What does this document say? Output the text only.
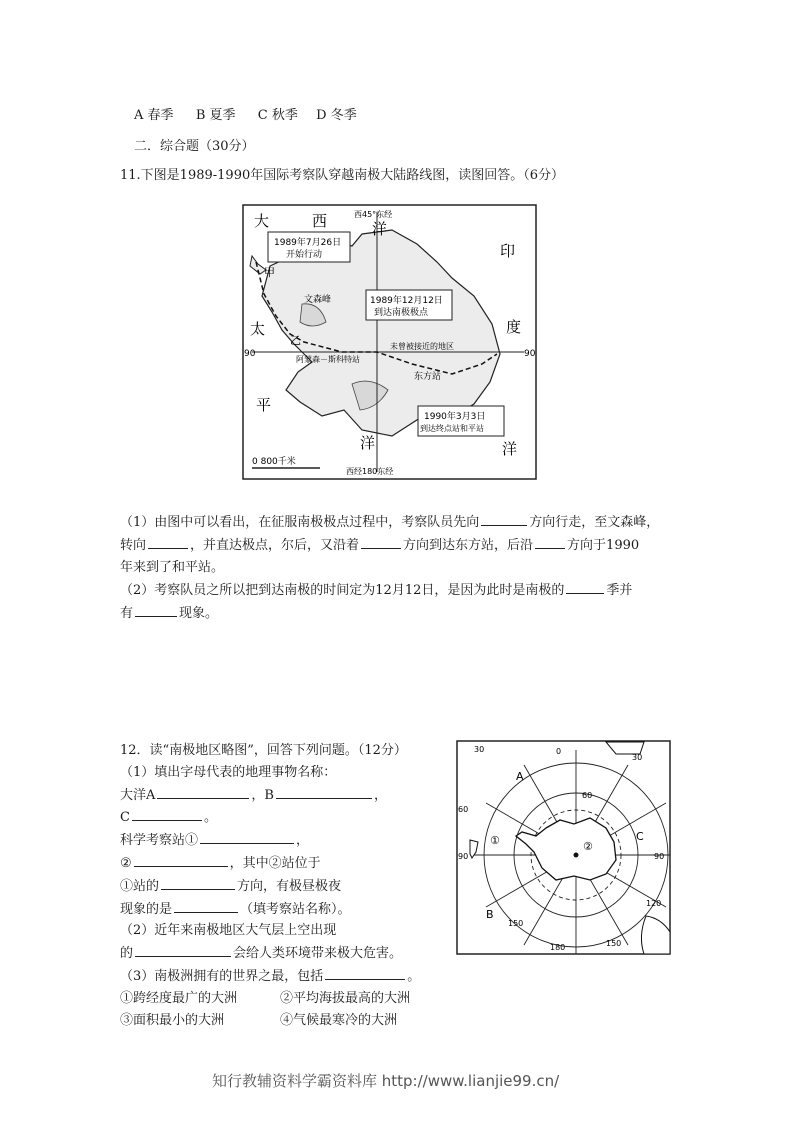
A 春季 B 夏季 C 秋季 D 冬季
二．综合题（30分）
11.下图是1989-1990年国际考察队穿越南极大陆路线图，读图回答。（6分）
1989年7月26日
开始行动
1989年12月12日
到达南极极点
1990年3月3日
到达终点站和平站
大	西	洋
印
度
洋
太
平
洋
西45°东经
西经180东经
90	90
甲
文森峰
乙
阿蒙森－斯科特站
东方站
未曾被接近的地区
0 800千米
（1）由图中可以看出，在征服南极极点过程中，考察队员先向	方向行走，至文森峰，
转向	，并直达极点，尔后，又沿着	方向到达东方站，后沿	方向于1990
年来到了和平站。
（2）考察队员之所以把到达南极的时间定为12月12日，是因为此时是南极的	季并
有	现象。
12．读“南极地区略图”，回答下列问题。（12分）
（1）填出字母代表的地理事物名称：
大洋A	，B	，
C	。
科学考察站①	，
②	，其中②站位于
①站的	方向，有极昼极夜
现象的是	（填考察站名称）。
（2）近年来南极地区大气层上空出现
的	会给人类环境带来极大危害。
（3）南极洲拥有的世界之最，包括	。
①跨经度最广的大洲	②平均海拔最高的大洲
③面积最小的大洲	④气候最寒冷的大洲
A
B
C
①	②
30	0
30
60
60
90	90
120
150
150
180
知行教辅资料学霸资料库 http://www.lianjie99.cn/
